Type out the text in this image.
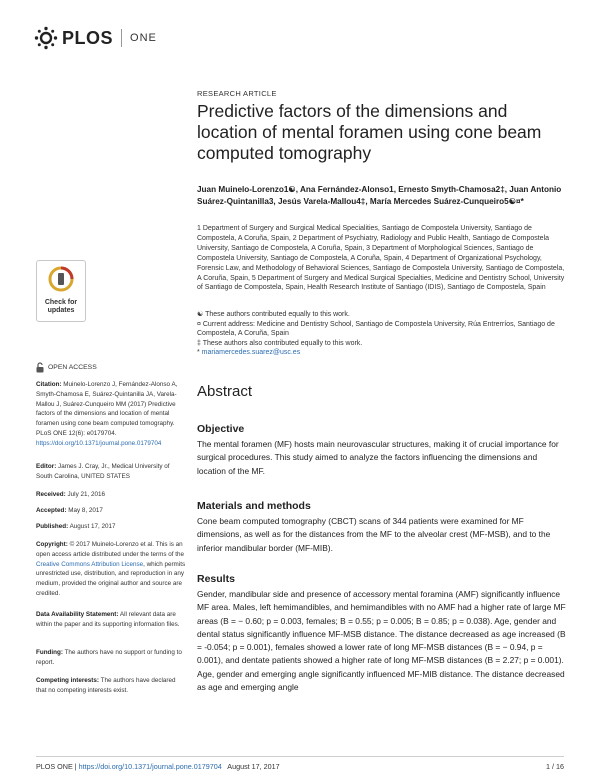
PLOS ONE
RESEARCH ARTICLE
Predictive factors of the dimensions and location of mental foramen using cone beam computed tomography
Juan Muinelo-Lorenzo1☯, Ana Fernández-Alonso1, Ernesto Smyth-Chamosa2‡, Juan Antonio Suárez-Quintanilla3, Jesús Varela-Mallou4‡, María Mercedes Suárez-Cunqueiro5☯¤*
1 Department of Surgery and Surgical Medical Specialities, Santiago de Compostela University, Santiago de Compostela, A Coruña, Spain, 2 Department of Psychiatry, Radiology and Public Health, Santiago de Compostela University, Santiago de Compostela, A Coruña, Spain, 3 Department of Morphological Sciences, Santiago de Compostela University, Santiago de Compostela, A Coruña, Spain, 4 Department of Organizational Psychology, Forensic Law, and Methodology of Behavioral Sciences, Santiago de Compostela University, Santiago de Compostela, A Coruña, Spain, 5 Department of Surgery and Medical Surgical Specialties, Medicine and Dentistry School, University of Santiago de Compostela, Spain, Health Research Institute of Santiago (IDIS), Santiago de Compostela, Spain
☯ These authors contributed equally to this work.
¤ Current address: Medicine and Dentistry School, Santiago de Compostela University, Rúa Entrerríos, Santiago de Compostela, A Coruña, Spain
‡ These authors also contributed equally to this work.
* mariamercedes.suarez@usc.es
Check for updates
OPEN ACCESS
Citation: Muinelo-Lorenzo J, Fernández-Alonso A, Smyth-Chamosa E, Suárez-Quintanilla JA, Varela-Mallou J, Suárez-Cunqueiro MM (2017) Predictive factors of the dimensions and location of mental foramen using cone beam computed tomography. PLoS ONE 12(6): e0179704. https://doi.org/10.1371/journal.pone.0179704
Editor: James J. Cray, Jr., Medical University of South Carolina, UNITED STATES
Received: July 21, 2016
Accepted: May 8, 2017
Published: August 17, 2017
Copyright: © 2017 Muinelo-Lorenzo et al. This is an open access article distributed under the terms of the Creative Commons Attribution License, which permits unrestricted use, distribution, and reproduction in any medium, provided the original author and source are credited.
Data Availability Statement: All relevant data are within the paper and its supporting information files.
Funding: The authors have no support or funding to report.
Competing interests: The authors have declared that no competing interests exist.
Abstract
Objective
The mental foramen (MF) hosts main neurovascular structures, making it of crucial importance for surgical procedures. This study aimed to analyze the factors influencing the dimensions and location of the MF.
Materials and methods
Cone beam computed tomography (CBCT) scans of 344 patients were examined for MF dimensions, as well as for the distances from the MF to the alveolar crest (MF-MSB), and to the inferior mandibular border (MF-MIB).
Results
Gender, mandibular side and presence of accessory mental foramina (AMF) significantly influence MF area. Males, left hemimandibles, and hemimandibles with no AMF had a higher rate of large MF areas (B = − 0.60; p = 0.003, females; B = 0.55; p = 0.005; B = 0.85; p = 0.038). Age, gender and dental status significantly influence MF-MSB distance. The distance decreased as age increased (B = -0.054; p = 0.001), females showed a lower rate of long MF-MSB distances (B = − 0.94, p = 0.001), and dentate patients showed a higher rate of long MF-MSB distances (B = 2.27; p = 0.001). Age, gender and emerging angle significantly influenced MF-MIB distance. The distance decreased as age and emerging angle
PLOS ONE | https://doi.org/10.1371/journal.pone.0179704 August 17, 2017	1 / 16
